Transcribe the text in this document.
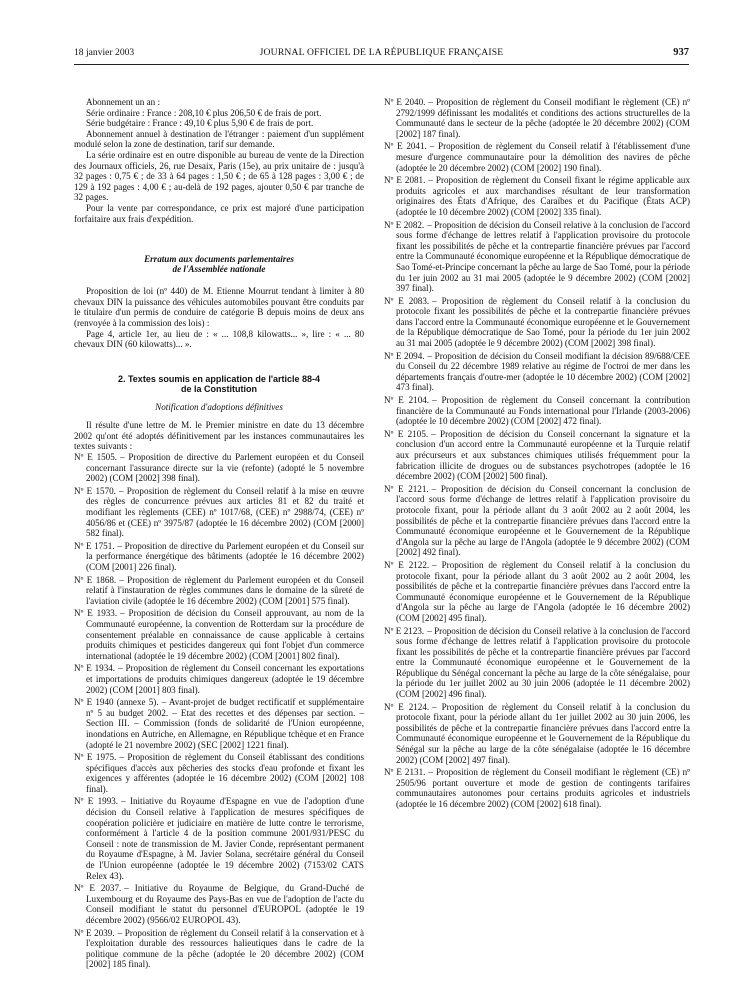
18 janvier 2003	JOURNAL OFFICIEL DE LA RÉPUBLIQUE FRANÇAISE	937

Abonnement un an :

Série ordinaire : France : 208,10 € plus 206,50 € de frais de port.

Série budgétaire : France : 49,10 € plus 5,90 € de frais de port.

Abonnement annuel à destination de l'étranger : paiement d'un supplément modulé selon la zone de destination, tarif sur demande.

La série ordinaire est en outre disponible au bureau de vente de la Direction des Journaux officiels, 26, rue Desaix, Paris (15e), au prix unitaire de : jusqu'à 32 pages : 0,75 € ; de 33 à 64 pages : 1,50 € ; de 65 à 128 pages : 3,00 € ; de 129 à 192 pages : 4,00 € ; au-delà de 192 pages, ajouter 0,50 € par tranche de 32 pages.

Pour la vente par correspondance, ce prix est majoré d'une participation forfaitaire aux frais d'expédition.

Erratum aux documents parlementaires
de l'Assemblée nationale

Proposition de loi (nº 440) de M. Etienne Mourrut tendant à limiter à 80 chevaux DIN la puissance des véhicules automobiles pouvant être conduits par le titulaire d'un permis de conduire de catégorie B depuis moins de deux ans (renvoyée à la commission des lois) :

Page 4, article 1er, au lieu de : « ... 108,8 kilowatts... », lire : « ... 80 chevaux DIN (60 kilowatts)... ».

2. Textes soumis en application de l'article 88-4
de la Constitution

Notification d'adoptions définitives

Il résulte d'une lettre de M. le Premier ministre en date du 13 décembre 2002 qu'ont été adoptés définitivement par les instances communautaires les textes suivants :

Nº E 1505. – Proposition de directive du Parlement européen et du Conseil concernant l'assurance directe sur la vie (refonte) (adopté le 5 novembre 2002) (COM [2002] 398 final).
Nº E 1570. – Proposition de règlement du Conseil relatif à la mise en œuvre des règles de concurrence prévues aux articles 81 et 82 du traité et modifiant les règlements (CEE) nº 1017/68, (CEE) nº 2988/74, (CEE) nº 4056/86 et (CEE) nº 3975/87 (adoptée le 16 décembre 2002) (COM [2000] 582 final).
Nº E 1751. – Proposition de directive du Parlement européen et du Conseil sur la performance énergétique des bâtiments (adoptée le 16 décembre 2002) (COM [2001] 226 final).
Nº E 1868. – Proposition de règlement du Parlement européen et du Conseil relatif à l'instauration de règles communes dans le domaine de la sûreté de l'aviation civile (adoptée le 16 décembre 2002) (COM [2001] 575 final).
Nº E 1933. – Proposition de décision du Conseil approuvant, au nom de la Communauté européenne, la convention de Rotterdam sur la procédure de consentement préalable en connaissance de cause applicable à certains produits chimiques et pesticides dangereux qui font l'objet d'un commerce international (adoptée le 19 décembre 2002) (COM [2001] 802 final).
Nº E 1934. – Proposition de règlement du Conseil concernant les exportations et importations de produits chimiques dangereux (adoptée le 19 décembre 2002) (COM [2001] 803 final).
Nº E 1940 (annexe 5). – Avant-projet de budget rectificatif et supplémentaire nº 5 au budget 2002. – Etat des recettes et des dépenses par section. – Section III. – Commission (fonds de solidarité de l'Union européenne, inondations en Autriche, en Allemagne, en République tchèque et en France (adopté le 21 novembre 2002) (SEC [2002] 1221 final).
Nº E 1975. – Proposition de règlement du Conseil établissant des conditions spécifiques d'accès aux pêcheries des stocks d'eau profonde et fixant les exigences y afférentes (adoptée le 16 décembre 2002) (COM [2002] 108 final).
Nº E 1993. – Initiative du Royaume d'Espagne en vue de l'adoption d'une décision du Conseil relative à l'application de mesures spécifiques de coopération policière et judiciaire en matière de lutte contre le terrorisme, conformément à l'article 4 de la position commune 2001/931/PESC du Conseil : note de transmission de M. Javier Conde, représentant permanent du Royaume d'Espagne, à M. Javier Solana, secrétaire général du Conseil de l'Union européenne (adoptée le 19 décembre 2002) (7153/02 CATS Relex 43).
Nº E 2037. – Initiative du Royaume de Belgique, du Grand-Duché de Luxembourg et du Royaume des Pays-Bas en vue de l'adoption de l'acte du Conseil modifiant le statut du personnel d'EUROPOL (adoptée le 19 décembre 2002) (9566/02 EUROPOL 43).
Nº E 2039. – Proposition de règlement du Conseil relatif à la conservation et à l'exploitation durable des ressources halieutiques dans le cadre de la politique commune de la pêche (adoptée le 20 décembre 2002) (COM [2002] 185 final).
Nº E 2040. – Proposition de règlement du Conseil modifiant le règlement (CE) nº 2792/1999 définissant les modalités et conditions des actions structurelles de la Communauté dans le secteur de la pêche (adoptée le 20 décembre 2002) (COM [2002] 187 final).
Nº E 2041. – Proposition de règlement du Conseil relatif à l'établissement d'une mesure d'urgence communautaire pour la démolition des navires de pêche (adoptée le 20 décembre 2002) (COM [2002] 190 final).
Nº E 2081. – Proposition de règlement du Conseil fixant le régime applicable aux produits agricoles et aux marchandises résultant de leur transformation originaires des États d'Afrique, des Caraïbes et du Pacifique (États ACP) (adoptée le 10 décembre 2002) (COM [2002] 335 final).
Nº E 2082. – Proposition de décision du Conseil relative à la conclusion de l'accord sous forme d'échange de lettres relatif à l'application provisoire du protocole fixant les possibilités de pêche et la contrepartie financière prévues par l'accord entre la Communauté économique européenne et la République démocratique de Sao Tomé-et-Principe concernant la pêche au large de Sao Tomé, pour la période du 1er juin 2002 au 31 mai 2005 (adoptée le 9 décembre 2002) (COM [2002] 397 final).
Nº E 2083. – Proposition de règlement du Conseil relatif à la conclusion du protocole fixant les possibilités de pêche et la contrepartie financière prévues dans l'accord entre la Communauté économique européenne et le Gouvernement de la République démocratique de Sao Tomé, pour la période du 1er juin 2002 au 31 mai 2005 (adoptée le 9 décembre 2002) (COM [2002] 398 final).
Nº E 2094. – Proposition de décision du Conseil modifiant la décision 89/688/CEE du Conseil du 22 décembre 1989 relative au régime de l'octroi de mer dans les départements français d'outre-mer (adoptée le 10 décembre 2002) (COM [2002] 473 final).
Nº E 2104. – Proposition de règlement du Conseil concernant la contribution financière de la Communauté au Fonds international pour l'Irlande (2003-2006) (adoptée le 10 décembre 2002) (COM [2002] 472 final).
Nº E 2105. – Proposition de décision du Conseil concernant la signature et la conclusion d'un accord entre la Communauté européenne et la Turquie relatif aux précurseurs et aux substances chimiques utilisés fréquemment pour la fabrication illicite de drogues ou de substances psychotropes (adoptée le 16 décembre 2002) (COM [2002] 500 final).
Nº E 2121. – Proposition de décision du Conseil concernant la conclusion de l'accord sous forme d'échange de lettres relatif à l'application provisoire du protocole fixant, pour la période allant du 3 août 2002 au 2 août 2004, les possibilités de pêche et la contrepartie financière prévues dans l'accord entre la Communauté économique européenne et le Gouvernement de la République d'Angola sur la pêche au large de l'Angola (adoptée le 9 décembre 2002) (COM [2002] 492 final).
Nº E 2122. – Proposition de règlement du Conseil relatif à la conclusion du protocole fixant, pour la période allant du 3 août 2002 au 2 août 2004, les possibilités de pêche et la contrepartie financière prévues dans l'accord entre la Communauté économique européenne et le Gouvernement de la République d'Angola sur la pêche au large de l'Angola (adoptée le 16 décembre 2002) (COM [2002] 495 final).
Nº E 2123. – Proposition de décision du Conseil relative à la conclusion de l'accord sous forme d'échange de lettres relatif à l'application provisoire du protocole fixant les possibilités de pêche et la contrepartie financière prévues par l'accord entre la Communauté économique européenne et le Gouvernement de la République du Sénégal concernant la pêche au large de la côte sénégalaise, pour la période du 1er juillet 2002 au 30 juin 2006 (adoptée le 11 décembre 2002) (COM [2002] 496 final).
Nº E 2124. – Proposition de règlement du Conseil relatif à la conclusion du protocole fixant, pour la période allant du 1er juillet 2002 au 30 juin 2006, les possibilités de pêche et la contrepartie financière prévues dans l'accord entre la Communauté économique européenne et le Gouvernement de la République du Sénégal sur la pêche au large de la côte sénégalaise (adoptée le 16 décembre 2002) (COM [2002] 497 final).
Nº E 2131. – Proposition de règlement du Conseil modifiant le règlement (CE) nº 2505/96 portant ouverture et mode de gestion de contingents tarifaires communautaires autonomes pour certains produits agricoles et industriels (adoptée le 16 décembre 2002) (COM [2002] 618 final).
